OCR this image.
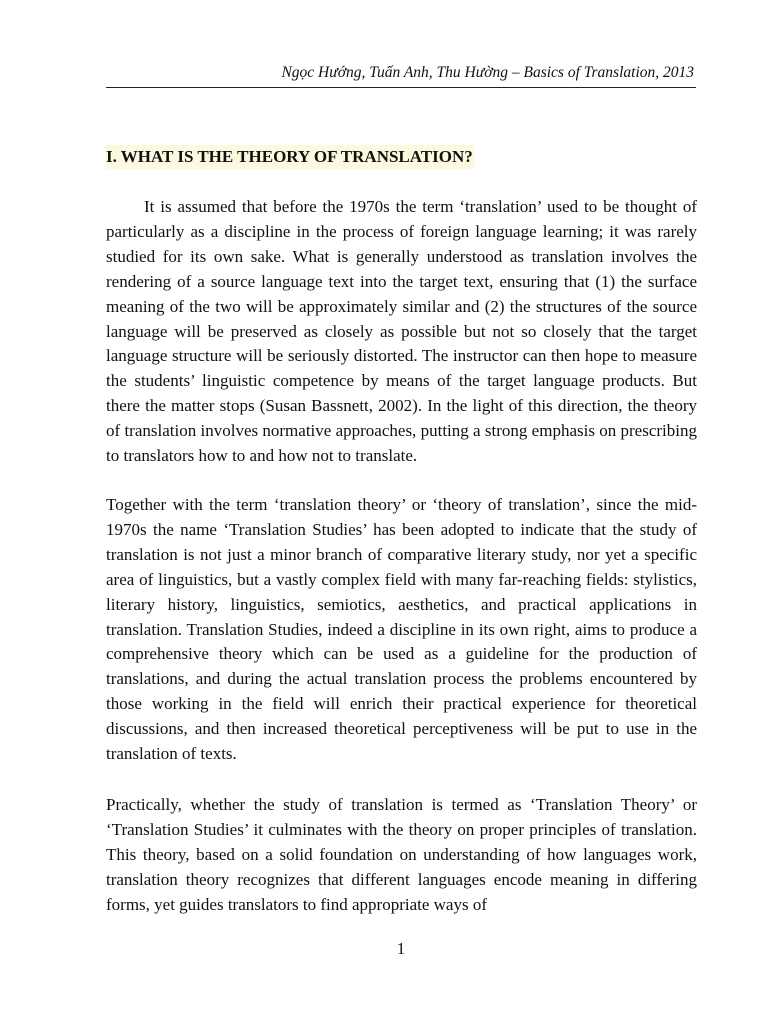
Ngọc Hướng, Tuấn Anh, Thu Hường – Basics of Translation, 2013
I. WHAT IS THE THEORY OF TRANSLATION?

It is assumed that before the 1970s the term ‘translation’ used to be thought of particularly as a discipline in the process of foreign language learning; it was rarely studied for its own sake. What is generally understood as translation involves the rendering of a source language text into the target text, ensuring that (1) the surface meaning of the two will be approximately similar and (2) the structures of the source language will be preserved as closely as possible but not so closely that the target language structure will be seriously distorted. The instructor can then hope to measure the students’ linguistic competence by means of the target language products. But there the matter stops (Susan Bassnett, 2002). In the light of this direction, the theory of translation involves normative approaches, putting a strong emphasis on prescribing to translators how to and how not to translate.

Together with the term ‘translation theory’ or ‘theory of translation’, since the mid-1970s the name ‘Translation Studies’ has been adopted to indicate that the study of translation is not just a minor branch of comparative literary study, nor yet a specific area of linguistics, but a vastly complex field with many far-reaching fields: stylistics, literary history, linguistics, semiotics, aesthetics, and practical applications in translation. Translation Studies, indeed a discipline in its own right, aims to produce a comprehensive theory which can be used as a guideline for the production of translations, and during the actual translation process the problems encountered by those working in the field will enrich their practical experience for theoretical discussions, and then increased theoretical perceptiveness will be put to use in the translation of texts.

Practically, whether the study of translation is termed as ‘Translation Theory’ or ‘Translation Studies’ it culminates with the theory on proper principles of translation. This theory, based on a solid foundation on understanding of how languages work, translation theory recognizes that different languages encode meaning in differing forms, yet guides translators to find appropriate ways of

1
